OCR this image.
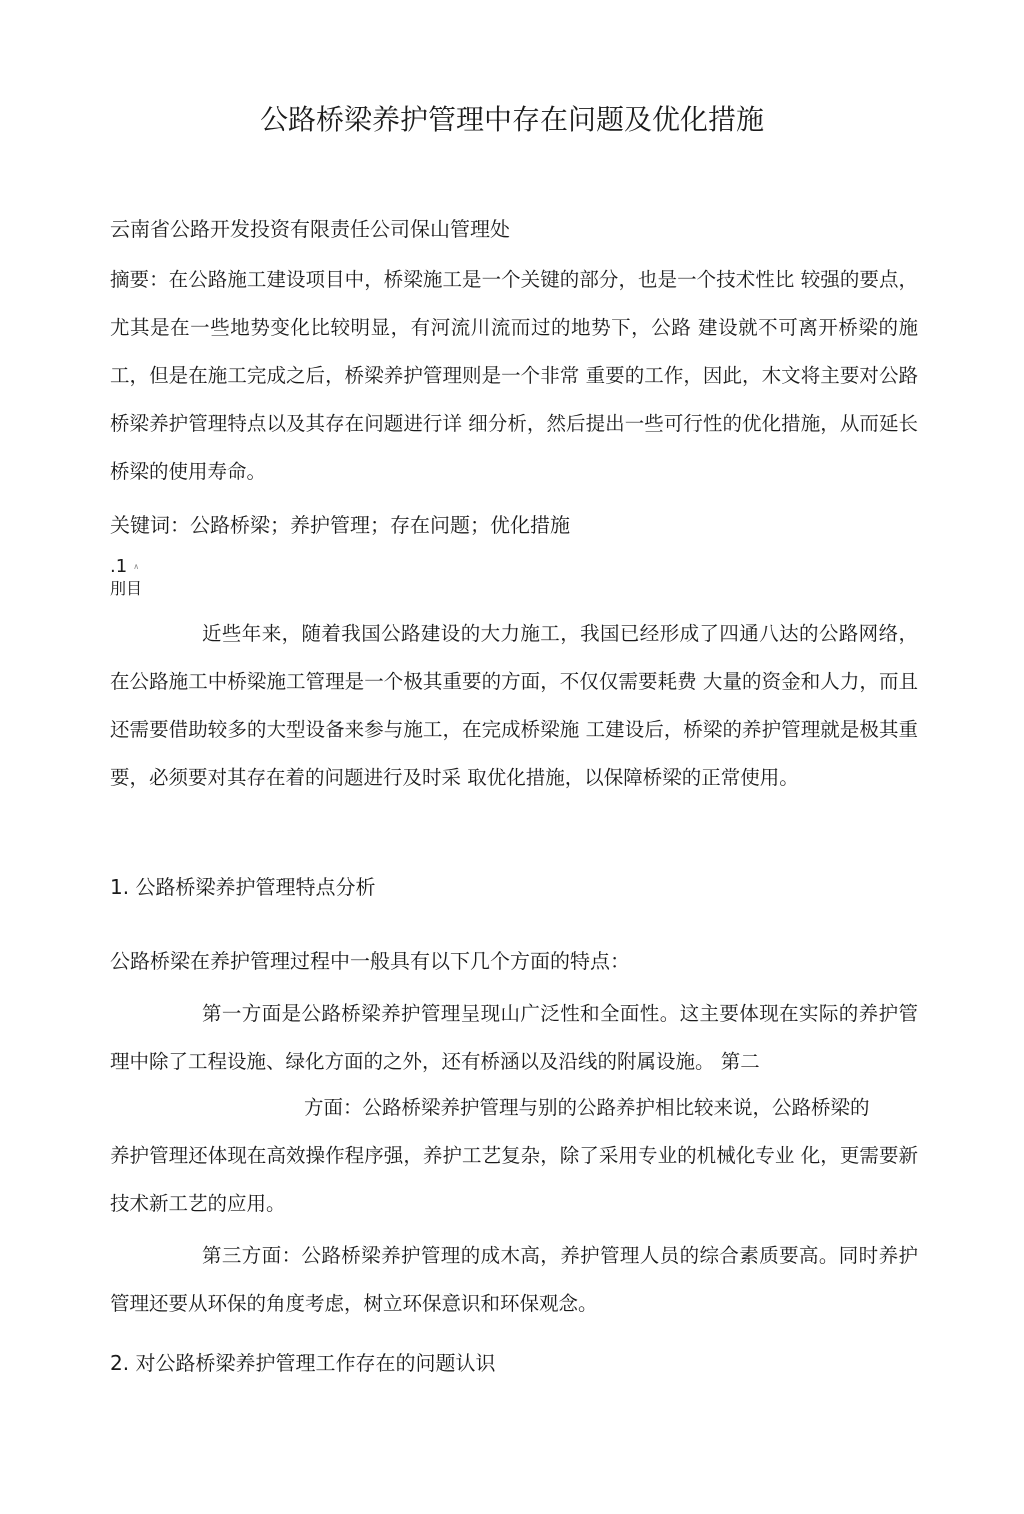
公路桥梁养护管理中存在问题及优化措施

云南省公路开发投资有限责任公司保山管理处

摘要：在公路施工建设项目中，桥梁施工是一个关键的部分，也是一个技术性比 较强的要点，尤其是在一些地势变化比较明显，有河流川流而过的地势下，公路 建设就不可离开桥梁的施工，但是在施工完成之后，桥梁养护管理则是一个非常 重要的工作，因此，木文将主要对公路桥梁养护管理特点以及其存在问题进行详 细分析，然后提出一些可行性的优化措施，从而延长桥梁的使用寿命。

关键词：公路桥梁；养护管理；存在问题；优化措施

.1 ∧

刖目

近些年来，随着我国公路建设的大力施工，我国已经形成了四通八达的公路网络，在公路施工中桥梁施工管理是一个极其重要的方面，不仅仅需要耗费 大量的资金和人力，而且还需要借助较多的大型设备来参与施工，在完成桥梁施 工建设后，桥梁的养护管理就是极其重要，必须要对其存在着的问题进行及时采 取优化措施，以保障桥梁的正常使用。

1. 公路桥梁养护管理特点分析

公路桥梁在养护管理过程中一般具有以下几个方面的特点：

第一方面是公路桥梁养护管理呈现山广泛性和全面性。这主要体现在实际的养护管理中除了工程设施、绿化方面的之外，还有桥涵以及沿线的附属设施。 第二

方面：公路桥梁养护管理与别的公路养护相比较来说，公路桥梁的

养护管理还体现在高效操作程序强，养护工艺复杂，除了采用专业的机械化专业 化，更需要新技术新工艺的应用。

第三方面：公路桥梁养护管理的成木高，养护管理人员的综合素质要高。同时养护管理还要从环保的角度考虑，树立环保意识和环保观念。

2. 对公路桥梁养护管理工作存在的问题认识
